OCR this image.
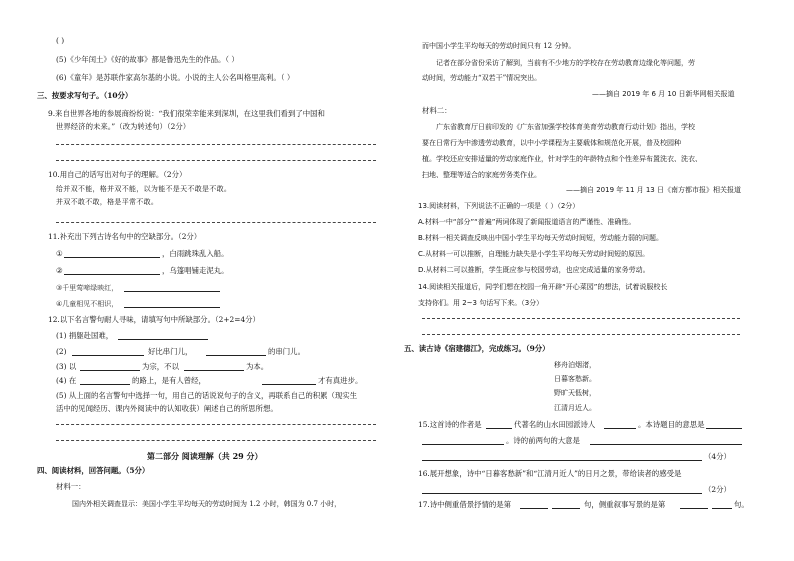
( )
(5)《少年闰土》《好的故事》都是鲁迅先生的作品。（ ）
(6)《童年》是苏联作家高尔基的小说。小说的主人公名叫格里高利。（ ）
三、按要求写句子。（10分）
9.来自世界各地的参展商纷纷说：“我们很荣幸能来到深圳，在这里我们看到了中国和
世界经济的未来。”（改为转述句）（2分）
10.用自己的话写出对句子的理解。（2分）
给并双不能，格并双不能，以为能不是天不敢是不敢。
并双不敢不敢，格是平常不敢。
11.补充出下列古诗名句中的空缺部分。（2分）
①	，白雨跳珠乱入船。
②	，乌篷唱铺走泥丸。
③千里莺啼绿映红，
④几童相见不相识，
12.以下名言警句耐人寻味，请填写句中所缺部分。（2+2=4分）
(1) 捐躯赴国难，
(2)	好比串门儿，	的串门儿。
(3) 以	为宗，不以	为本。
(4) 在	的路上，是有人曾经，	才有真进步。
(5) 从上面的名言警句中选择一句，用自己的话说说句子的含义，再联系自己的积累（现实生
活中的见闻经历、课内外阅读中的认知收获）阐述自己的所思所想。
第二部分 阅读理解（共 29 分）
四、阅读材料，回答问题。（5分）
材料一：
国内外相关调查显示：美国小学生平均每天的劳动时间为 1.2 小时，韩国为 0.7 小时，
而中国小学生平均每天的劳动时间只有 12 分钟。
记者在部分省份采访了解到，当前有不少地方的学校存在劳动教育边缘化等问题，劳
动时间，劳动能力“双若干”情况突出。
——摘自 2019 年 6 月 10 日新华网相关报道
材料二：
广东省教育厅日前印发的《广东省加强学校体育美育劳动教育行动计划》指出，学校
要在日常行为中渗透劳动教育，以中小学课程为主要载体和规范化开展，普及校园种
植。学校还应安排适量的劳动家庭作业，针对学生的年龄特点和个性差异布置洗衣、洗衣、
扫地、整理等适合的家庭劳务类作业。
——摘自 2019 年 11 月 13 日《南方都市报》相关报道
13.阅读材料，下列说法不正确的一项是（ ）（2分）
A.材料一中“部分”“普遍”两词体现了新闻报道语言的严谨性、准确性。
B.材料一相关调查反映出中国小学生平均每天劳动时间短，劳动能力弱的问题。
C.从材料一可以推断，自理能力缺失是小学生平均每天劳动时间短的原因。
D.从材料二可以推断，学生既应参与校园劳动，也应完成适量的家务劳动。
14.阅读相关报道后，同学们想在校园一角开辟“开心菜园”的想法，试着说服校长
支持你们。用 2~3 句话写下来。（3分）
五、读古诗《宿建德江》，完成练习。（9分）
移舟泊烟渚，
日暮客愁新。
野旷天低树，
江清月近人。
15.这首诗的作者是	代著名的山水田园派诗人	。本诗题目的意思是
。诗的前两句的大意是
（4分）
16.展开想象，诗中“日暮客愁新”和“江清月近人”的日月之景，带给读者的感受是
（2分）
17.诗中侧重借景抒情的是第	句，侧重叙事写景的是第	句。
